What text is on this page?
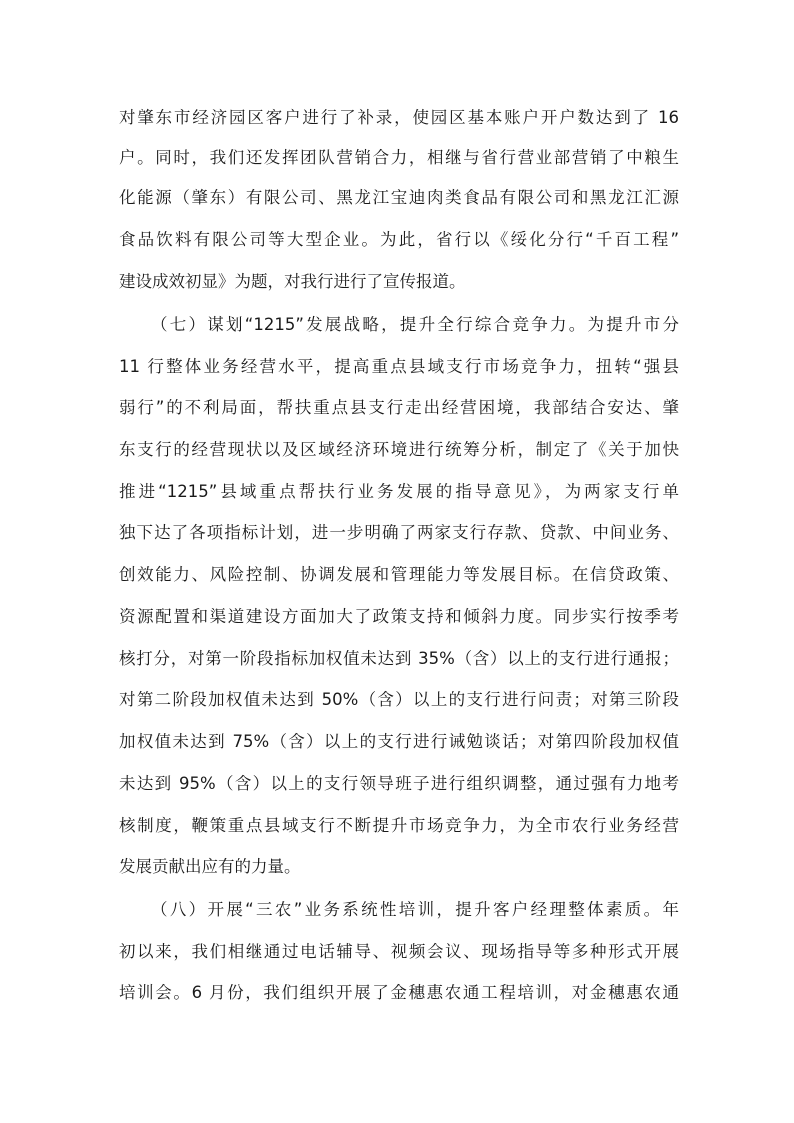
对肇东市经济园区客户进行了补录，使园区基本账户开户数达到了 16
户。同时，我们还发挥团队营销合力，相继与省行营业部营销了中粮生
化能源（肇东）有限公司、黑龙江宝迪肉类食品有限公司和黑龙江汇源
食品饮料有限公司等大型企业。为此，省行以《绥化分行“千百工程”
建设成效初显》为题，对我行进行了宣传报道。
（七）谋划“1215”发展战略，提升全行综合竞争力。为提升市分
11 行整体业务经营水平，提高重点县域支行市场竞争力，扭转“强县
弱行”的不利局面，帮扶重点县支行走出经营困境，我部结合安达、肇
东支行的经营现状以及区域经济环境进行统筹分析，制定了《关于加快
推进“1215”县域重点帮扶行业务发展的指导意见》，为两家支行单
独下达了各项指标计划，进一步明确了两家支行存款、贷款、中间业务、
创效能力、风险控制、协调发展和管理能力等发展目标。在信贷政策、
资源配置和渠道建设方面加大了政策支持和倾斜力度。同步实行按季考
核打分，对第一阶段指标加权值未达到 35%（含）以上的支行进行通报；
对第二阶段加权值未达到 50%（含）以上的支行进行问责；对第三阶段
加权值未达到 75%（含）以上的支行进行诫勉谈话；对第四阶段加权值
未达到 95%（含）以上的支行领导班子进行组织调整，通过强有力地考
核制度，鞭策重点县域支行不断提升市场竞争力，为全市农行业务经营
发展贡献出应有的力量。
（八）开展“三农”业务系统性培训，提升客户经理整体素质。年
初以来，我们相继通过电话辅导、视频会议、现场指导等多种形式开展
培训会。6 月份，我们组织开展了金穗惠农通工程培训，对金穗惠农通
